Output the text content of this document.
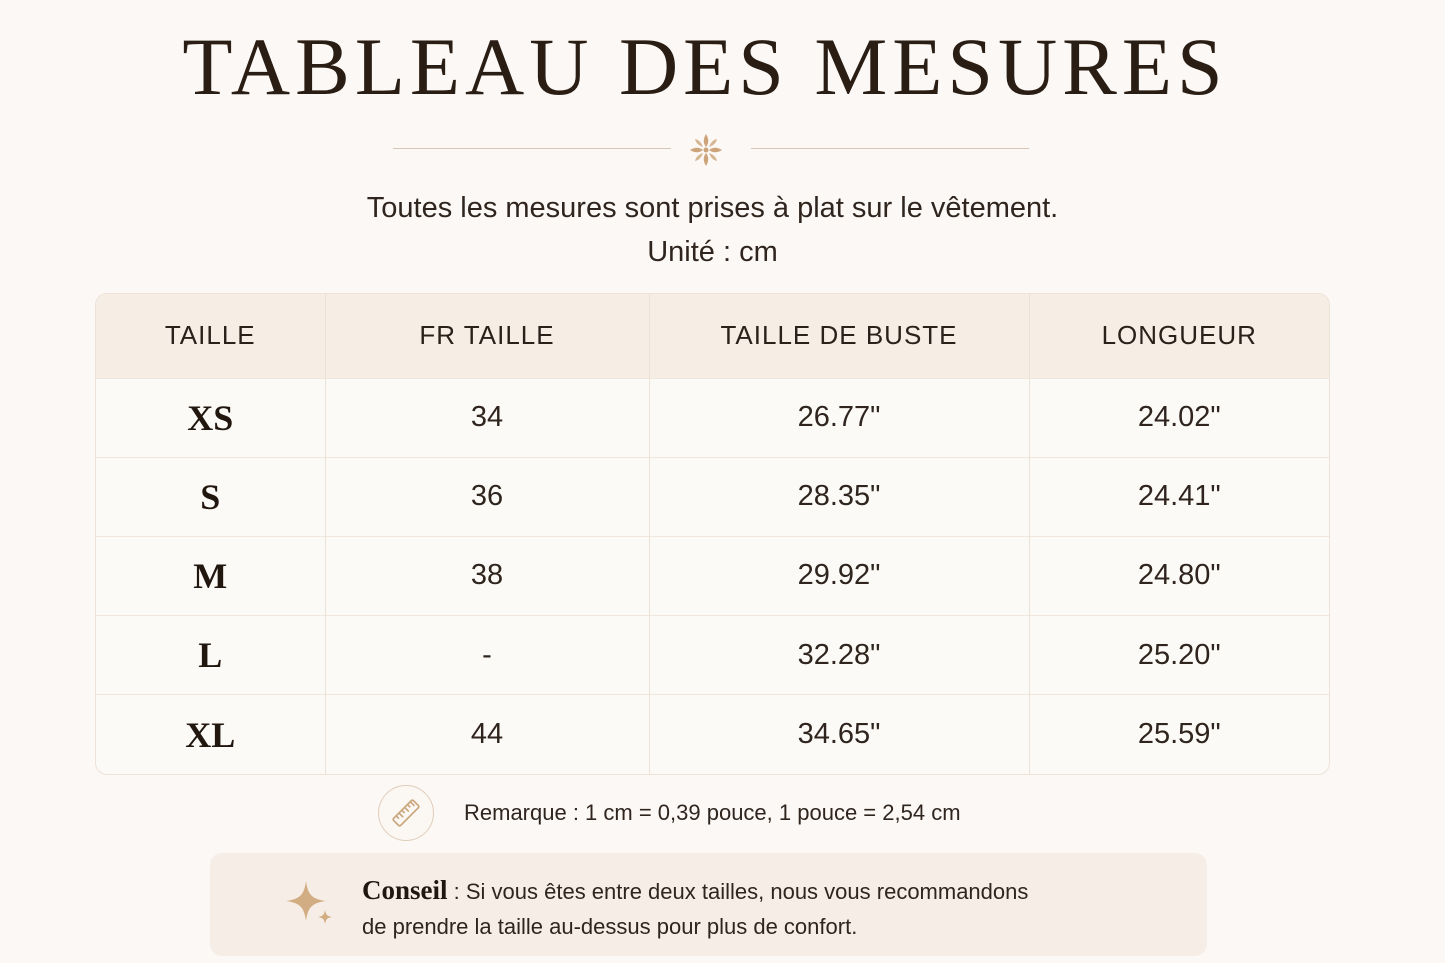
TABLEAU DES MESURES

Toutes les mesures sont prises à plat sur le vêtement.

Unité : cm

TAILLE	FR TAILLE	TAILLE DE BUSTE	LONGUEUR
XS	34	26.77"	24.02"
S	36	28.35"	24.41"
M	38	29.92"	24.80"
L	-	32.28"	25.20"
XL	44	34.65"	25.59"
Remarque : 1 cm = 0,39 pouce, 1 pouce = 2,54 cm
Conseil : Si vous êtes entre deux tailles, nous vous recommandons
de prendre la taille au-dessus pour plus de confort.
